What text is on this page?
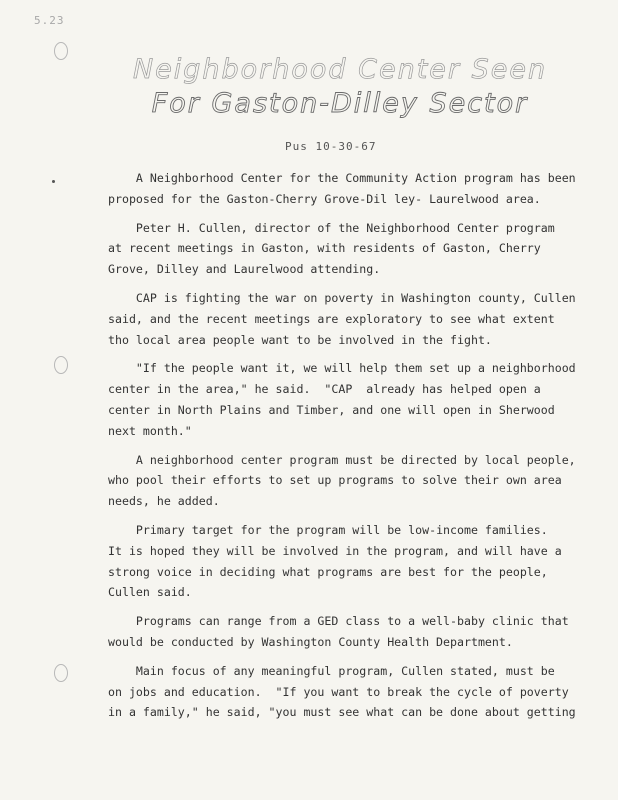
5.23
Neighborhood Center Seen
For Gaston-Dilley Sector
Pus 10-30-67
A Neighborhood Center for the Community Action program has been
proposed for the Gaston-Cherry Grove-Dil ley- Laurelwood area.
Peter H. Cullen, director of the Neighborhood Center program
at recent meetings in Gaston, with residents of Gaston, Cherry
Grove, Dilley and Laurelwood attending.
CAP is fighting the war on poverty in Washington county, Cullen
said, and the recent meetings are exploratory to see what extent
tho local area people want to be involved in the fight.
"If the people want it, we will help them set up a neighborhood
center in the area," he said.  "CAP  already has helped open a
center in North Plains and Timber, and one will open in Sherwood
next month."
A neighborhood center program must be directed by local people,
who pool their efforts to set up programs to solve their own area
needs, he added.
Primary target for the program will be low-income families.
It is hoped they will be involved in the program, and will have a
strong voice in deciding what programs are best for the people,
Cullen said.
Programs can range from a GED class to a well-baby clinic that
would be conducted by Washington County Health Department.
Main focus of any meaningful program, Cullen stated, must be
on jobs and education.  "If you want to break the cycle of poverty
in a family," he said, "you must see what can be done about getting
